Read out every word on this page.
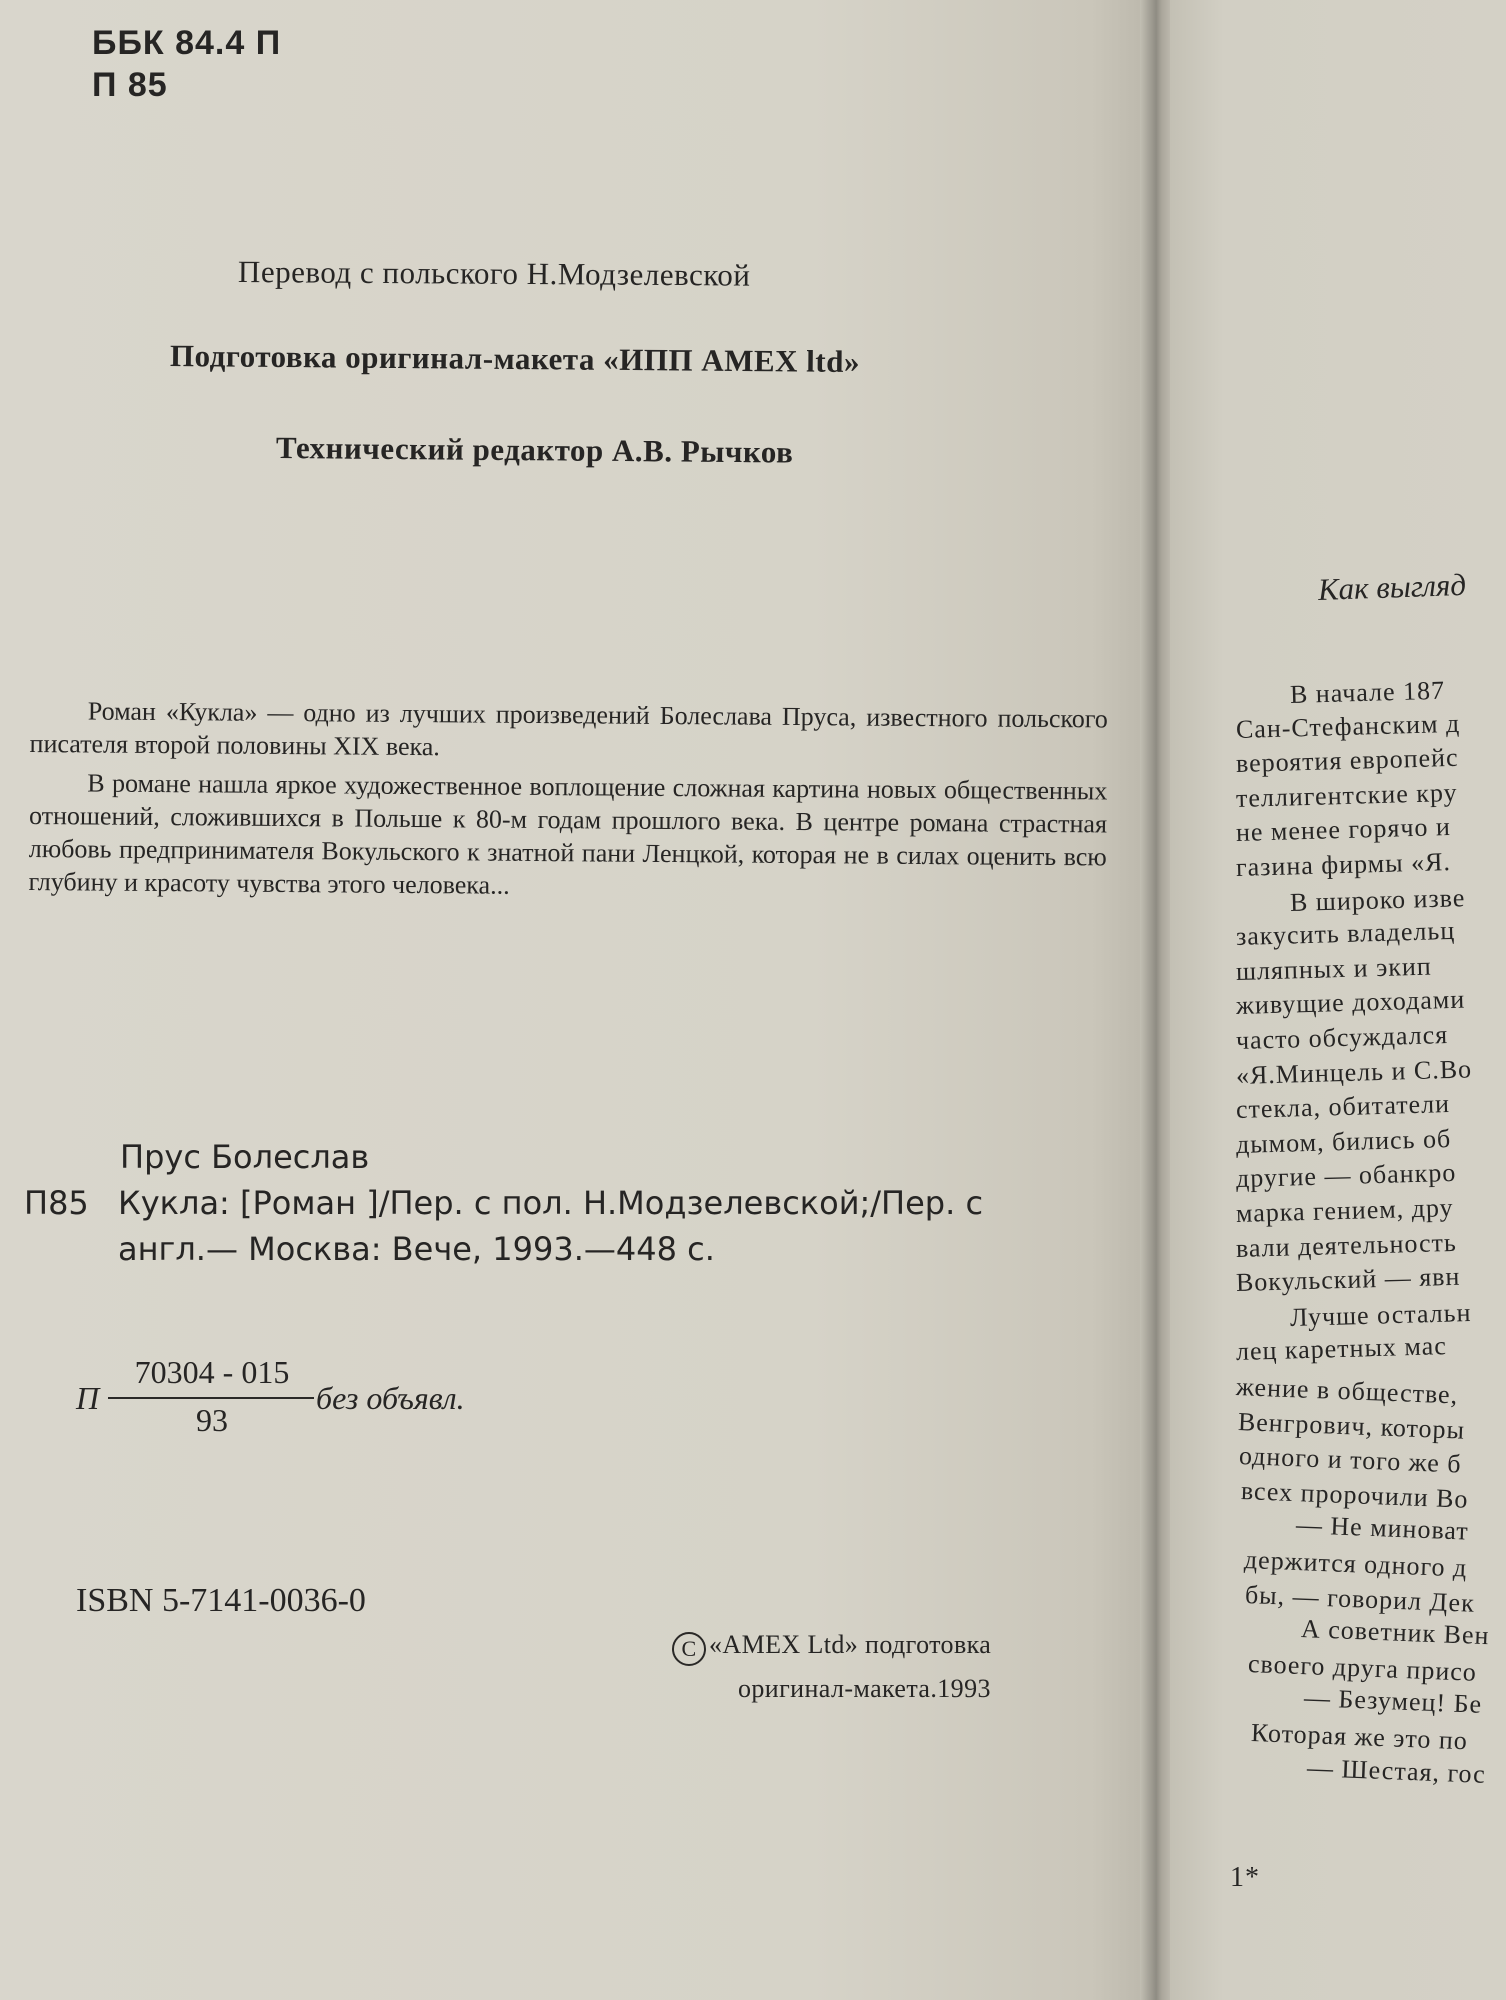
ББК 84.4 П
П 85
Перевод с польского Н.Модзелевской
Подготовка оригинал-макета «ИПП АМЕХ ltd»
Технический редактор А.В. Рычков

Роман «Кукла» — одно из лучших произведений Болеслава Пруса, известного польского писателя второй половины XIX века.

В романе нашла яркое художественное воплощение сложная картина новых общественных отношений, сложившихся в Польше к 80-м годам прошлого века. В центре романа страстная любовь предпринимателя Вокульского к знатной пани Ленцкой, которая не в силах оценить всю глубину и красоту чувства этого человека...

Прус Болеслав
П85 Кукла: [Роман ]/Пер. с пол. Н.Модзелевской;/Пер. с
англ.— Москва: Вече, 1993.—448 с.
П
70304 - 015
93
без объявл.
ISBN 5-7141-0036-0
C «АМЕХ Ltd» подготовка
оригинал-макета.1993
Как выгляд
В начале 187
Сан-Стефанским д
вероятия европейс
теллигентские кру
не менее горячо и
газина фирмы «Я.
В широко изве
закусить владельц
шляпных и экип
живущие доходами
часто обсуждался
«Я.Минцель и С.Во
стекла, обитатели
дымом, бились об
другие — обанкро
марка гением, дру
вали деятельность
Вокульский — явн
Лучше остальн
лец каретных мас
жение в обществе,
Венгрович, которы
одного и того же б
всех пророчили Во
— Не миноват
держится одного д
бы, — говорил Дек
А советник Вен
своего друга присо
— Безумец! Бе
Которая же это по
— Шестая, гос
1*
